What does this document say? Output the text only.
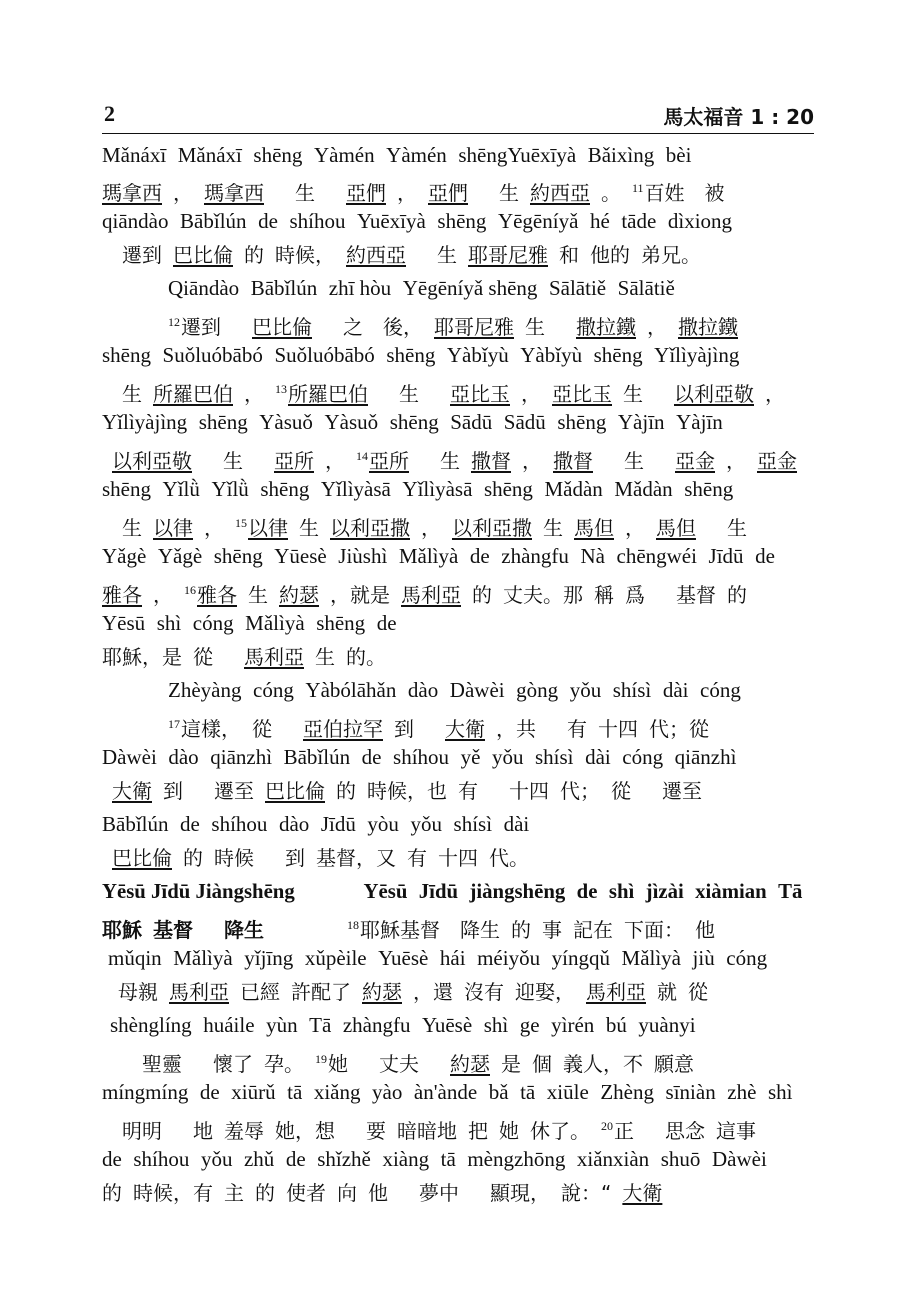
2	馬太福音 1 : 20
Mǎnáxī Mǎnáxī shēng Yàmén Yàmén shēngYuēxīyà Bǎixìng bèi
瑪拿西 ， 瑪拿西　生　亞們 ， 亞們　生 約西亞 。 $^{11}$百姓　被
qiāndào Bābǐlún de shíhou Yuēxīyà shēng Yēgēníyǎ hé tāde dìxiong
遷到 巴比倫 的 時候， 約西亞　生 耶哥尼雅 和 他的 弟兄。
Qiāndào Bābǐlún zhī hòu Yēgēníyǎ shēng Sālātiě Sālātiě
$^{12}$遷到　巴比倫　之　後， 耶哥尼雅 生　撒拉鐵 ， 撒拉鐵
shēng Suǒluóbābó Suǒluóbābó shēng Yàbǐyù Yàbǐyù shēng Yǐlìyàjìng
生 所羅巴伯 ， $^{13}$所羅巴伯　生　亞比玉 ， 亞比玉 生　以利亞敬 ，
Yǐlìyàjìng shēng Yàsuǒ Yàsuǒ shēng Sādū Sādū shēng Yàjīn Yàjīn
以利亞敬　生　亞所 ， $^{14}$亞所　生 撒督 ， 撒督　生　亞金 ， 亞金
shēng Yǐlǜ Yǐlǜ shēng Yǐlìyàsā Yǐlìyàsā shēng Mǎdàn Mǎdàn shēng
生 以律 ， $^{15}$以律 生 以利亞撒 ， 以利亞撒 生 馬但 ， 馬但　生
Yǎgè Yǎgè shēng Yūesè Jiùshì Mǎlìyà de zhàngfu Nà chēngwéi Jīdū de
雅各 ， $^{16}$雅各 生 約瑟 ，就是 馬利亞 的 丈夫。那 稱 爲　基督 的
Yēsū shì cóng Mǎlìyà shēng de
耶穌，是 從　馬利亞 生 的。
Zhèyàng cóng Yàbólāhǎn dào Dàwèi gòng yǒu shísì dài cóng
$^{17}$這樣， 從　亞伯拉罕 到　大衛 ，共　有 十四 代；從
Dàwèi dào qiānzhì Bābǐlún de shíhou yě yǒu shísì dài cóng qiānzhì
大衛 到　遷至 巴比倫 的 時候，也 有　十四 代； 從　遷至
Bābǐlún de shíhou dào Jīdū yòu yǒu shísì dài
巴比倫 的 時候　到 基督，又 有 十四 代。
Yēsū Jīdū Jiàngshēng	Yēsū Jīdū jiàngshēng de shì jìzài xiàmian Tā
耶穌 基督　降生	$^{18}$耶穌基督　降生 的 事 記在 下面： 他
mǔqin Mǎlìyà yǐjīng xǔpèile Yuēsè hái méiyǒu yíngqǔ Mǎlìyà jiù cóng
母親 馬利亞 已經 許配了 約瑟 ，還 沒有 迎娶， 馬利亞 就 從
shènglíng huáile yùn Tā zhàngfu Yuēsè shì ge yìrén bú yuànyi
聖靈　懷了 孕。 $^{19}$她　丈夫　約瑟 是 個 義人，不 願意
míngmíng de xiūrǔ tā xiǎng yào àn'ànde bǎ tā xiūle Zhèng sīniàn zhè shì
明明　地 羞辱 她，想　要 暗暗地 把 她 休了。 $^{20}$正　思念 這事
de shíhou yǒu zhǔ de shǐzhě xiàng tā mèngzhōng xiǎnxiàn shuō Dàwèi
的 時候，有 主 的 使者 向 他　夢中　顯現， 說：“ 大衛
